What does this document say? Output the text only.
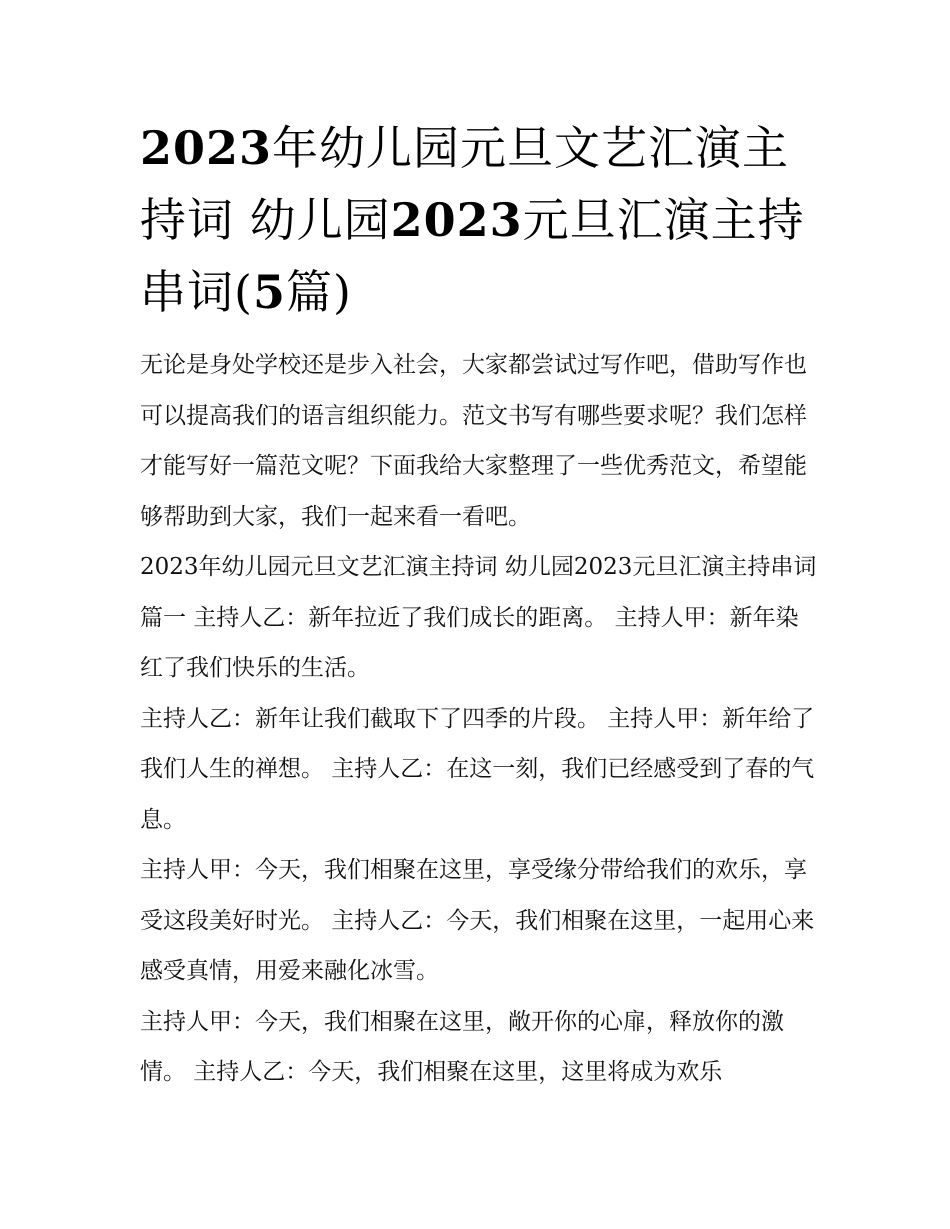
2023年幼儿园元旦文艺汇演主持词 幼儿园2023元旦汇演主持串词(5篇)

无论是身处学校还是步入社会，大家都尝试过写作吧，借助写作也可以提高我们的语言组织能力。范文书写有哪些要求呢？我们怎样才能写好一篇范文呢？下面我给大家整理了一些优秀范文，希望能够帮助到大家，我们一起来看一看吧。

2023年幼儿园元旦文艺汇演主持词 幼儿园2023元旦汇演主持串词篇一 主持人乙：新年拉近了我们成长的距离。 主持人甲：新年染红了我们快乐的生活。

主持人乙：新年让我们截取下了四季的片段。 主持人甲：新年给了我们人生的禅想。 主持人乙：在这一刻，我们已经感受到了春的气息。

主持人甲：今天，我们相聚在这里，享受缘分带给我们的欢乐，享受这段美好时光。 主持人乙：今天，我们相聚在这里，一起用心来感受真情，用爱来融化冰雪。

主持人甲：今天，我们相聚在这里，敞开你的心扉，释放你的激情。 主持人乙：今天，我们相聚在这里，这里将成为欢乐
